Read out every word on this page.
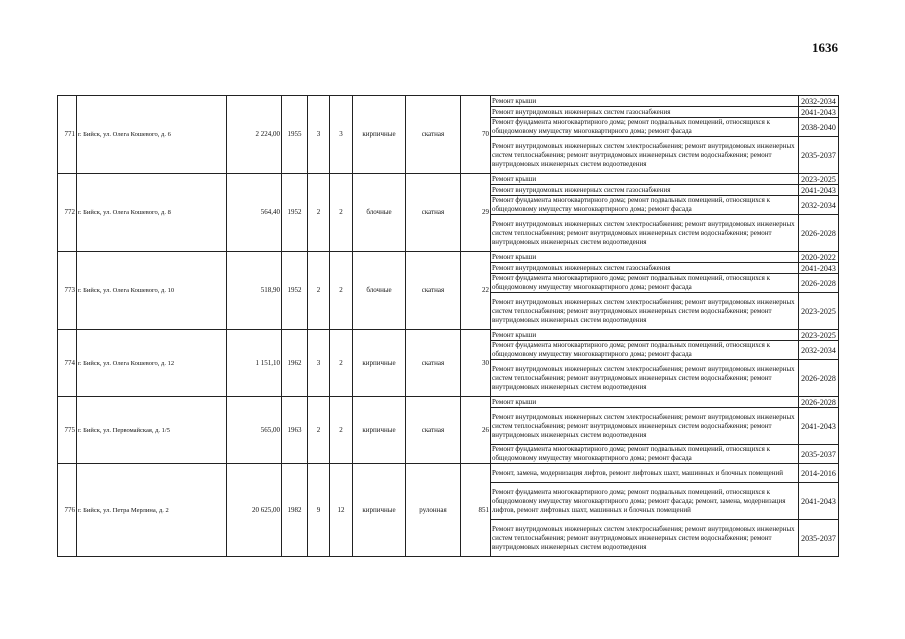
1636
771	г. Бийск, ул. Олега Кошевого, д. 6	2 224,00	1955	3	3	кирпичные	скатная	70	Ремонт крыши	2032-2034
									Ремонт внутридомовых инженерных систем газоснабжения	2041-2043
									Ремонт фундамента многоквартирного дома; ремонт подвальных помещений, относящихся к общедомовому имуществу многоквартирного дома; ремонт фасада	2038-2040
									Ремонт внутридомовых инженерных систем электроснабжения; ремонт внутридомовых инженерных систем теплоснабжения; ремонт внутридомовых инженерных систем водоснабжения; ремонт внутридомовых инженерных систем водоотведения	2035-2037
772	г. Бийск, ул. Олега Кошевого, д. 8	564,40	1952	2	2	блочные	скатная	29	Ремонт крыши	2023-2025
									Ремонт внутридомовых инженерных систем газоснабжения	2041-2043
									Ремонт фундамента многоквартирного дома; ремонт подвальных помещений, относящихся к общедомовому имуществу многоквартирного дома; ремонт фасада	2032-2034
									Ремонт внутридомовых инженерных систем электроснабжения; ремонт внутридомовых инженерных систем теплоснабжения; ремонт внутридомовых инженерных систем водоснабжения; ремонт внутридомовых инженерных систем водоотведения	2026-2028
773	г. Бийск, ул. Олега Кошевого, д. 10	518,90	1952	2	2	блочные	скатная	22	Ремонт крыши	2020-2022
									Ремонт внутридомовых инженерных систем газоснабжения	2041-2043
									Ремонт фундамента многоквартирного дома; ремонт подвальных помещений, относящихся к общедомовому имуществу многоквартирного дома; ремонт фасада	2026-2028
									Ремонт внутридомовых инженерных систем электроснабжения; ремонт внутридомовых инженерных систем теплоснабжения; ремонт внутридомовых инженерных систем водоснабжения; ремонт внутридомовых инженерных систем водоотведения	2023-2025
774	г. Бийск, ул. Олега Кошевого, д. 12	1 151,10	1962	3	2	кирпичные	скатная	30	Ремонт крыши	2023-2025
									Ремонт фундамента многоквартирного дома; ремонт подвальных помещений, относящихся к общедомовому имуществу многоквартирного дома; ремонт фасада	2032-2034
									Ремонт внутридомовых инженерных систем электроснабжения; ремонт внутридомовых инженерных систем теплоснабжения; ремонт внутридомовых инженерных систем водоснабжения; ремонт внутридомовых инженерных систем водоотведения	2026-2028
775	г. Бийск, ул. Первомайская, д. 1/5	565,00	1963	2	2	кирпичные	скатная	26	Ремонт крыши	2026-2028
									Ремонт внутридомовых инженерных систем электроснабжения; ремонт внутридомовых инженерных систем теплоснабжения; ремонт внутридомовых инженерных систем водоснабжения; ремонт внутридомовых инженерных систем водоотведения	2041-2043
									Ремонт фундамента многоквартирного дома; ремонт подвальных помещений, относящихся к общедомовому имуществу многоквартирного дома; ремонт фасада	2035-2037
776	г. Бийск, ул. Петра Мерлина, д. 2	20 625,00	1982	9	12	кирпичные	рулонная	851	Ремонт, замена, модернизация лифтов, ремонт лифтовых шахт, машинных и блочных помещений	2014-2016
									Ремонт фундамента многоквартирного дома; ремонт подвальных помещений, относящихся к общедомовому имуществу многоквартирного дома; ремонт фасада; ремонт, замена, модернизация лифтов, ремонт лифтовых шахт, машинных и блочных помещений	2041-2043
									Ремонт внутридомовых инженерных систем электроснабжения; ремонт внутридомовых инженерных систем теплоснабжения; ремонт внутридомовых инженерных систем водоснабжения; ремонт внутридомовых инженерных систем водоотведения	2035-2037
